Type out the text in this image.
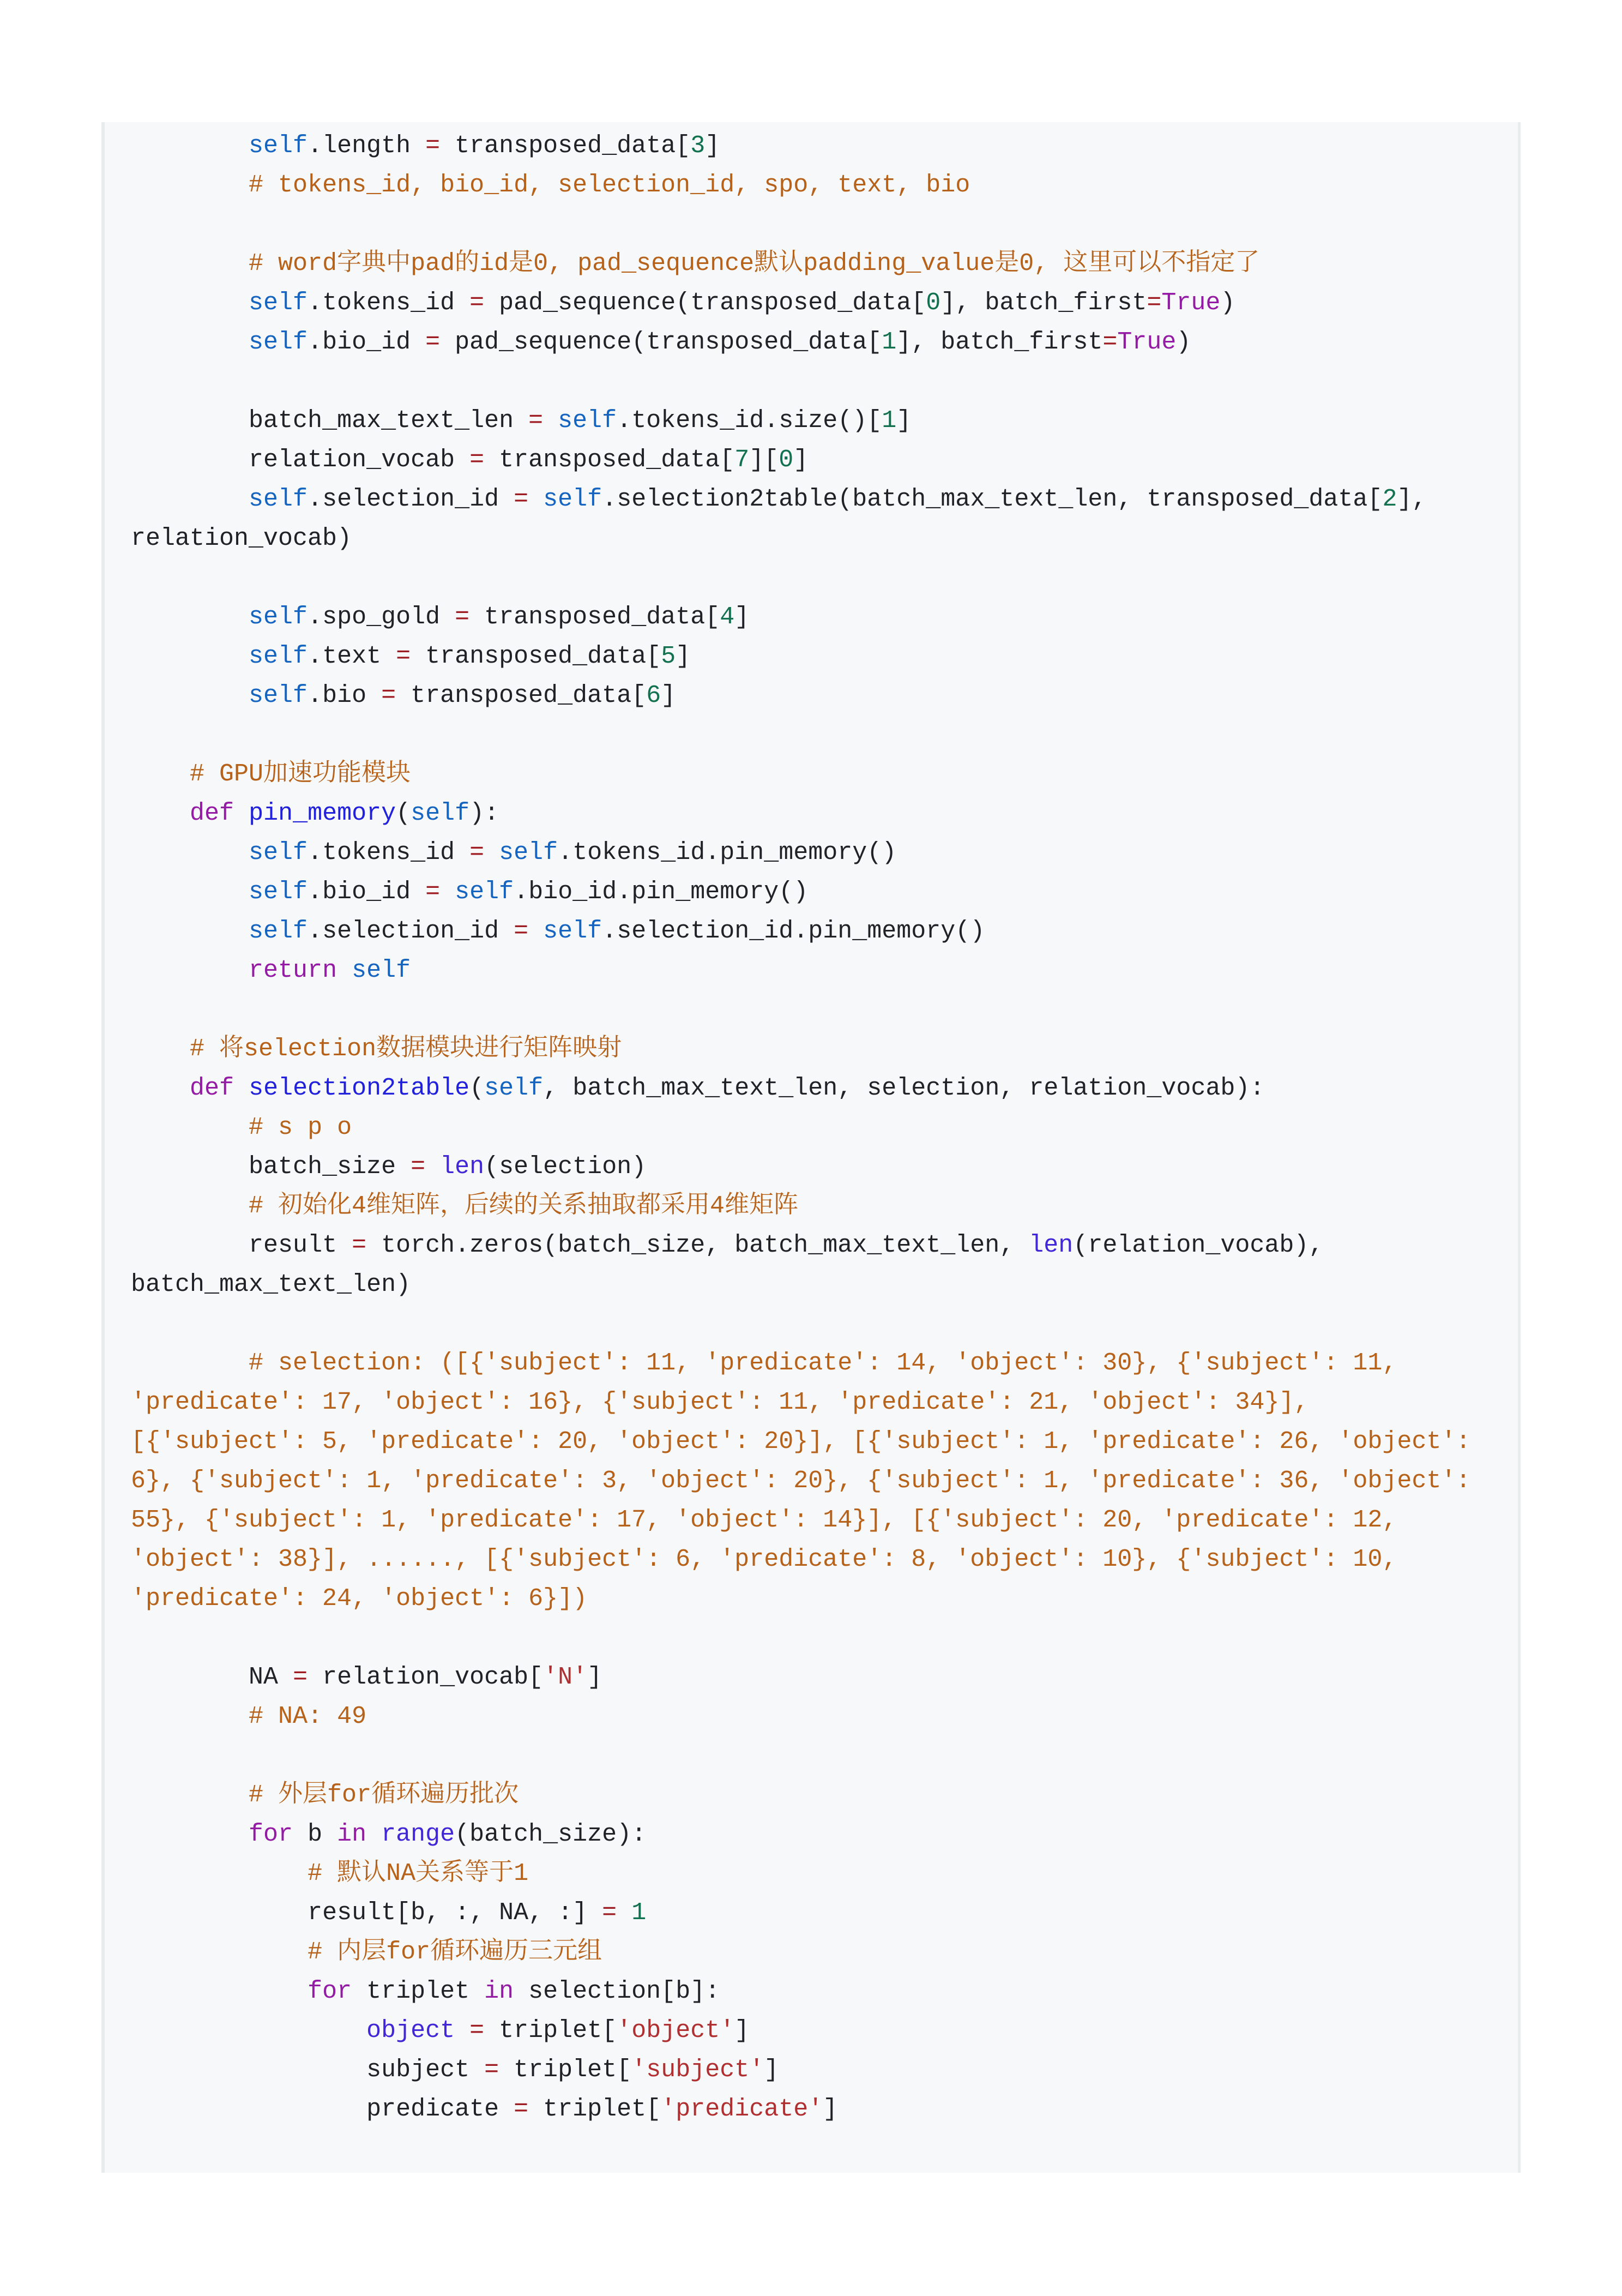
self.length = transposed_data[3]
# tokens_id, bio_id, selection_id, spo, text, bio

# word字典中pad的id是0, pad_sequence默认padding_value是0, 这里可以不指定了
self.tokens_id = pad_sequence(transposed_data[0], batch_first=True)
self.bio_id = pad_sequence(transposed_data[1], batch_first=True)

batch_max_text_len = self.tokens_id.size()[1]
relation_vocab = transposed_data[7][0]
self.selection_id = self.selection2table(batch_max_text_len, transposed_data[2], relation_vocab)

self.spo_gold = transposed_data[4]
self.text = transposed_data[5]
self.bio = transposed_data[6]

# GPU加速功能模块
def pin_memory(self):
self.tokens_id = self.tokens_id.pin_memory()
self.bio_id = self.bio_id.pin_memory()
self.selection_id = self.selection_id.pin_memory()
return self

# 将selection数据模块进行矩阵映射
def selection2table(self, batch_max_text_len, selection, relation_vocab):
# s p o
batch_size = len(selection)
# 初始化4维矩阵，后续的关系抽取都采用4维矩阵
result = torch.zeros(batch_size, batch_max_text_len, len(relation_vocab), batch_max_text_len)

# selection: ([{'subject': 11, 'predicate': 14, 'object': 30}, {'subject': 11, 'predicate': 17, 'object': 16}, {'subject': 11, 'predicate': 21, 'object': 34}], [{'subject': 5, 'predicate': 20, 'object': 20}], [{'subject': 1, 'predicate': 26, 'object': 6}, {'subject': 1, 'predicate': 3, 'object': 20}, {'subject': 1, 'predicate': 36, 'object': 55}, {'subject': 1, 'predicate': 17, 'object': 14}], [{'subject': 20, 'predicate': 12, 'object': 38}], ......, [{'subject': 6, 'predicate': 8, 'object': 10}, {'subject': 10, 'predicate': 24, 'object': 6}])

NA = relation_vocab['N']
# NA: 49

# 外层for循环遍历批次
for b in range(batch_size):
# 默认NA关系等于1
result[b, :, NA, :] = 1
# 内层for循环遍历三元组
for triplet in selection[b]:
object = triplet['object']
subject = triplet['subject']
predicate = triplet['predicate']
